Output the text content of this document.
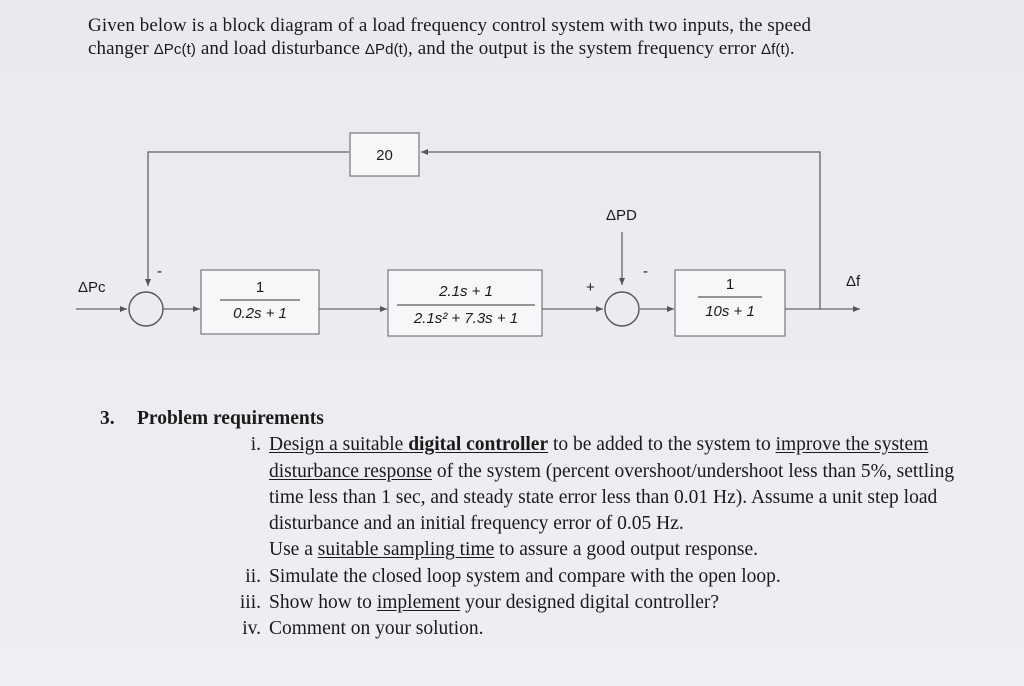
Given below is a block diagram of a load frequency control system with two inputs, the speed
changer ΔPc(t) and load disturbance ΔPd(t), and the output is the system frequency error Δf(t).
20
1
0.2s + 1
2.1s + 1
2.1s² + 7.3s + 1
1
10s + 1
ΔPc
ΔPD
Δf
-
+
-
3. Problem requirements
i. Design a suitable digital controller to be added to the system to improve the system disturbance response of the system (percent overshoot/undershoot less than 5%, settling time less than 1 sec, and steady state error less than 0.01 Hz). Assume a unit step load disturbance and an initial frequency error of 0.05 Hz.
Use a suitable sampling time to assure a good output response.
ii. Simulate the closed loop system and compare with the open loop.
iii. Show how to implement your designed digital controller?
iv. Comment on your solution.
